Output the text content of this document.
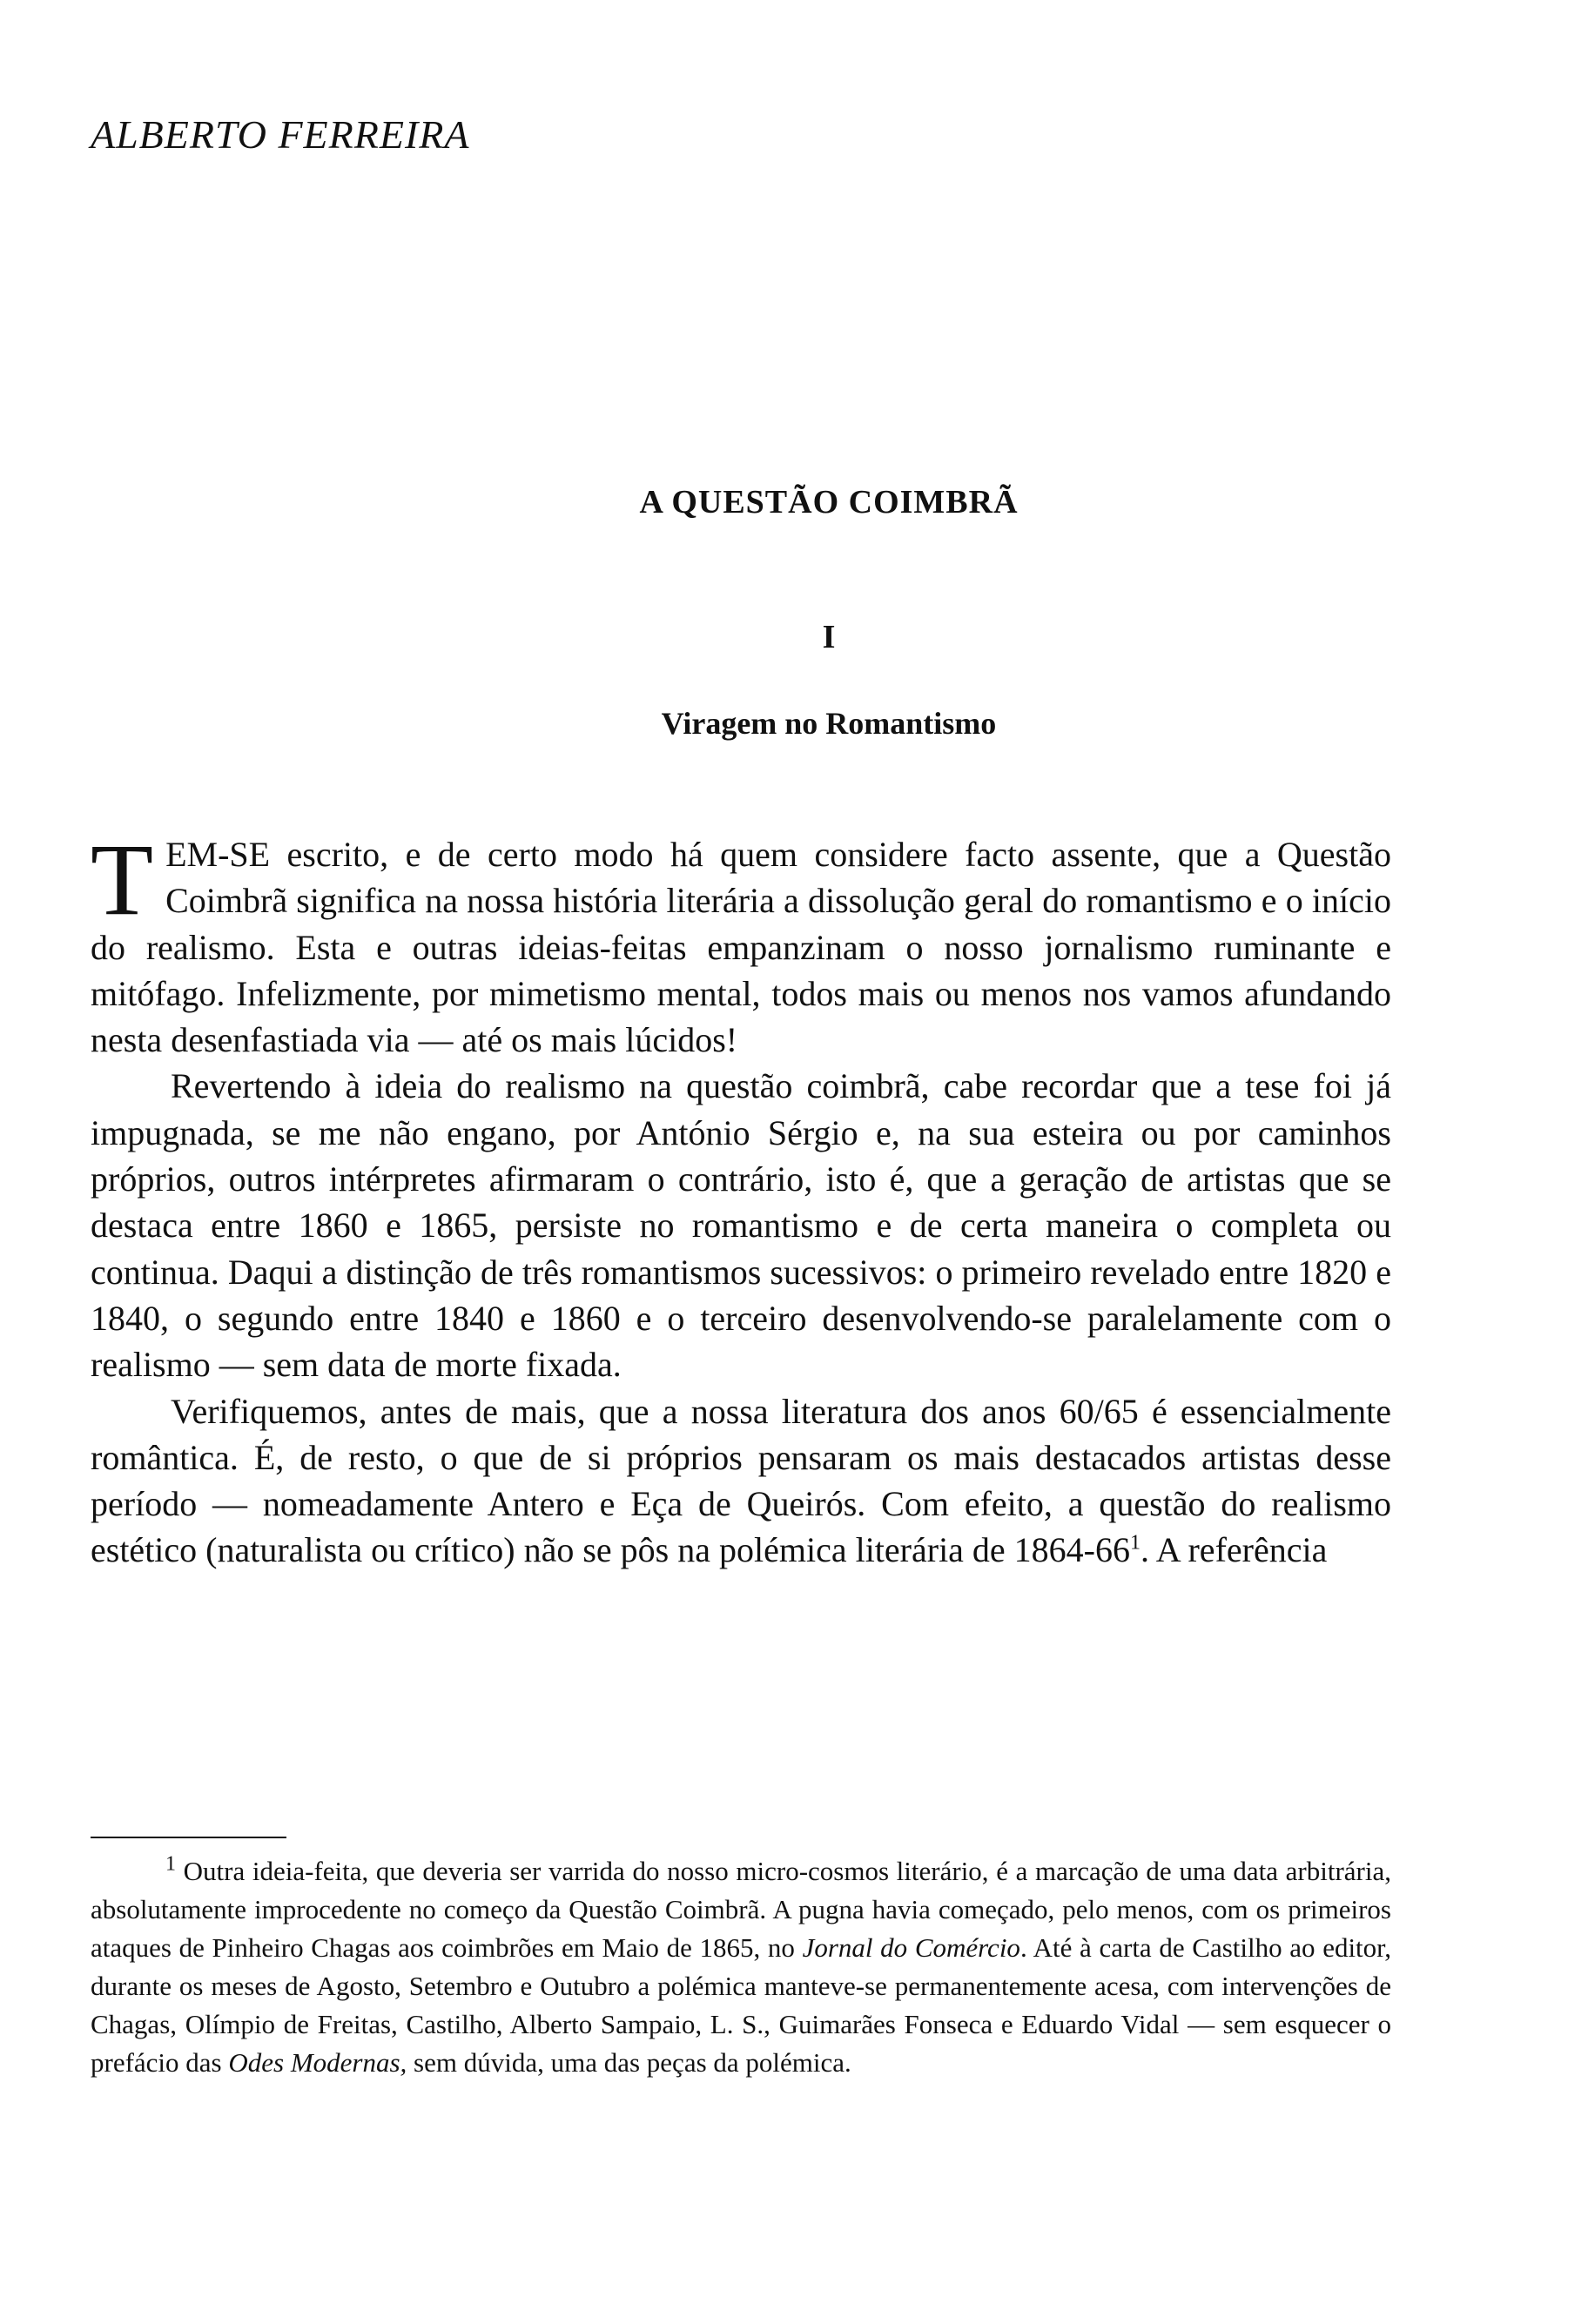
ALBERTO FERREIRA
A QUESTÃO COIMBRÃ
I
Viragem no Romantismo

TEM-SE escrito, e de certo modo há quem considere facto assente, que a Questão Coimbrã significa na nossa história literária a dissolução geral do romantismo e o início do realismo. Esta e outras ideias-feitas empanzinam o nosso jornalismo ruminante e mitófago. Infelizmente, por mimetismo mental, todos mais ou menos nos vamos afundando nesta desenfastiada via — até os mais lúcidos!

Revertendo à ideia do realismo na questão coimbrã, cabe recordar que a tese foi já impugnada, se me não engano, por António Sérgio e, na sua esteira ou por caminhos próprios, outros intérpretes afirmaram o contrário, isto é, que a geração de artistas que se destaca entre 1860 e 1865, persiste no romantismo e de certa maneira o completa ou continua. Daqui a distinção de três romantismos sucessivos: o primeiro revelado entre 1820 e 1840, o segundo entre 1840 e 1860 e o terceiro desenvolvendo-se paralelamente com o realismo — sem data de morte fixada.

Verifiquemos, antes de mais, que a nossa literatura dos anos 60/65 é essencialmente romântica. É, de resto, o que de si próprios pensaram os mais destacados artistas desse período — nomeadamente Antero e Eça de Queirós. Com efeito, a questão do realismo estético (naturalista ou crítico) não se pôs na polémica literária de 1864-66$^1$. A referência

$^1$ Outra ideia-feita, que deveria ser varrida do nosso micro-cosmos literário, é a marcação de uma data arbitrária, absolutamente improcedente no começo da Questão Coimbrã. A pugna havia começado, pelo menos, com os primeiros ataques de Pinheiro Chagas aos coimbrões em Maio de 1865, no Jornal do Comércio. Até à carta de Castilho ao editor, durante os meses de Agosto, Setembro e Outubro a polémica manteve-se permanentemente acesa, com intervenções de Chagas, Olímpio de Freitas, Castilho, Alberto Sampaio, L. S., Guimarães Fonseca e Eduardo Vidal — sem esquecer o prefácio das Odes Modernas, sem dúvida, uma das peças da polémica.
